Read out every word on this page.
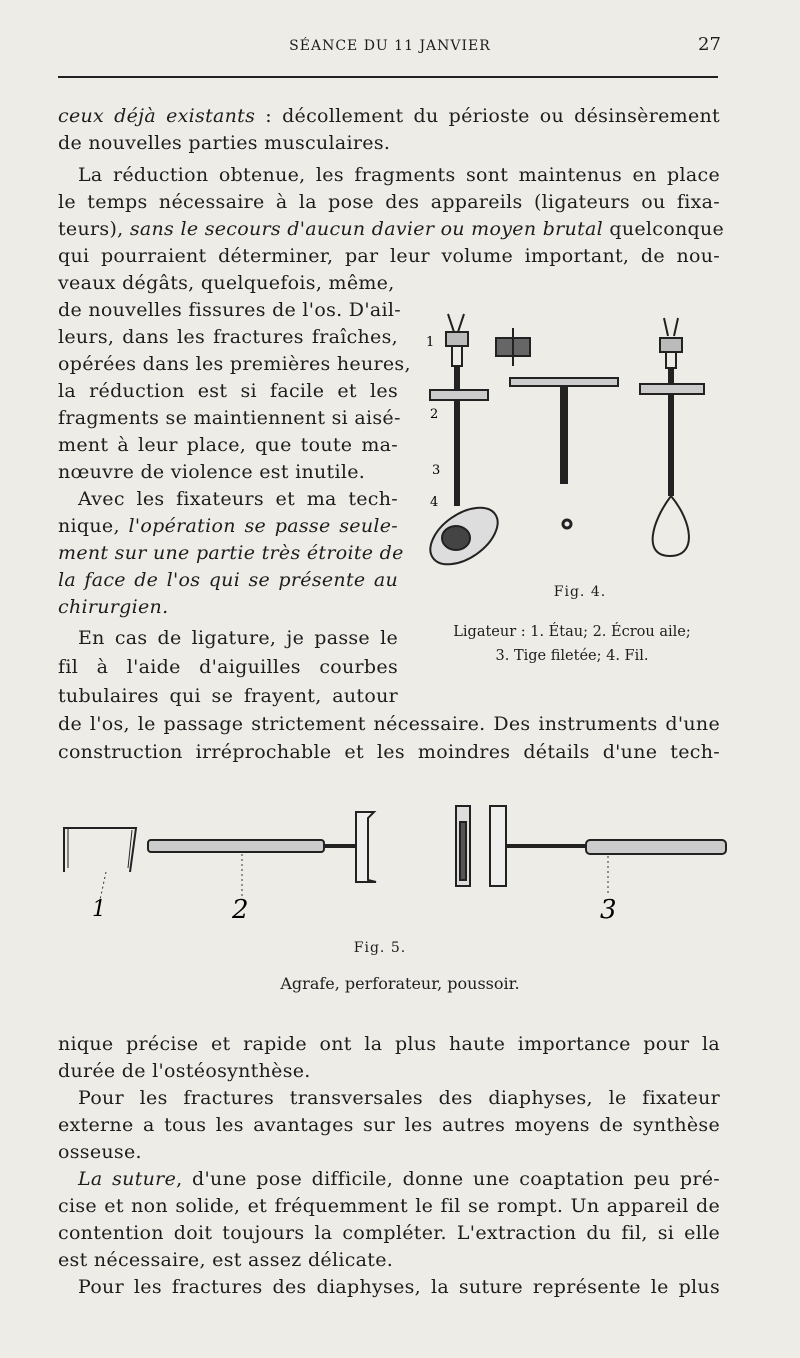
SÉANCE DU 11 JANVIER	27
ceux déjà existants : décollement du périoste ou désinsèrement
de nouvelles parties musculaires.
La réduction obtenue, les fragments sont maintenus en place
le temps nécessaire à la pose des appareils (ligateurs ou fixa-
teurs), sans le secours d'aucun davier ou moyen brutal quelconque
qui pourraient déterminer, par leur volume important, de nou-
veaux dégâts, quelquefois, même,
de nouvelles fissures de l'os. D'ail-
leurs, dans les fractures fraîches,
opérées dans les premières heures,
la réduction est si facile et les
fragments se maintiennent si aisé-
ment à leur place, que toute ma-
nœuvre de violence est inutile.
Avec les fixateurs et ma tech-
nique, l'opération se passe seule-
ment sur une partie très étroite de
la face de l'os qui se présente au
chirurgien.
En cas de ligature, je passe le
fil à l'aide d'aiguilles courbes
tubulaires qui se frayent, autour
de l'os, le passage strictement nécessaire. Des instruments d'une
construction irréprochable et les moindres détails d'une tech-
1
2
3
4
Fig. 4.
Ligateur : 1. Étau; 2. Écrou aile;
3. Tige filetée; 4. Fil.
1	2	3
Fig. 5.
Agrafe, perforateur, poussoir.
nique précise et rapide ont la plus haute importance pour la
durée de l'ostéosynthèse.
Pour les fractures transversales des diaphyses, le fixateur
externe a tous les avantages sur les autres moyens de synthèse
osseuse.
La suture, d'une pose difficile, donne une coaptation peu pré-
cise et non solide, et fréquemment le fil se rompt. Un appareil de
contention doit toujours la compléter. L'extraction du fil, si elle
est nécessaire, est assez délicate.
Pour les fractures des diaphyses, la suture représente le plus
